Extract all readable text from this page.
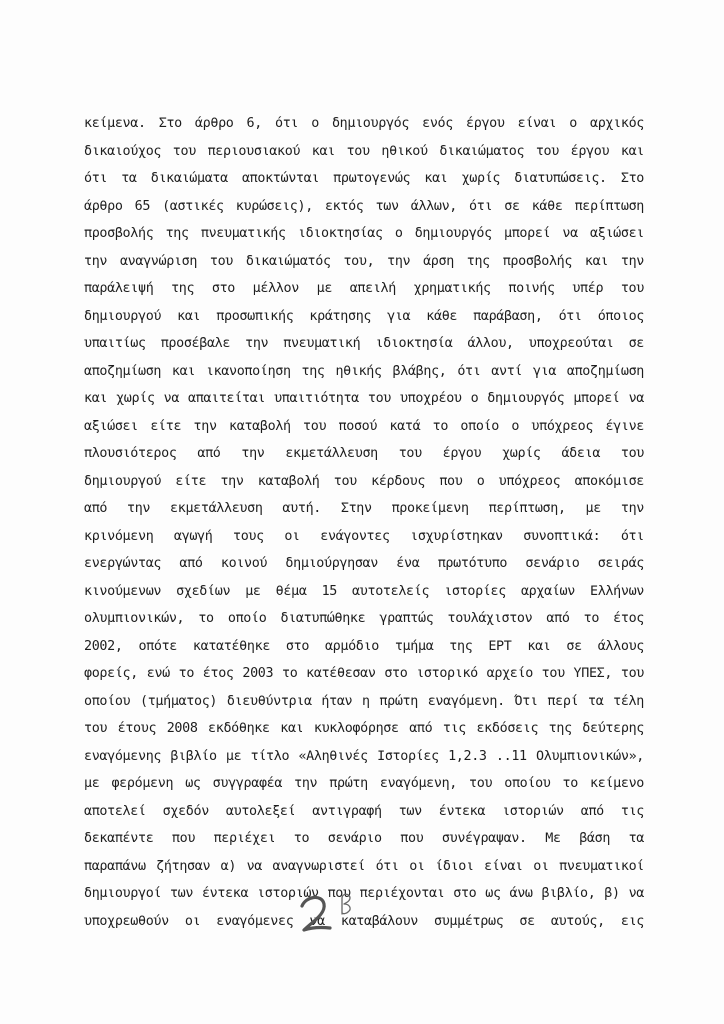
κείμενα. Στο άρθρο 6, ότι ο δημιουργός ενός έργου είναι ο αρχικός
δικαιούχος του περιουσιακού και του ηθικού δικαιώματος του έργου και
ότι τα δικαιώματα αποκτώνται πρωτογενώς και χωρίς διατυπώσεις. Στο
άρθρο 65 (αστικές κυρώσεις), εκτός των άλλων, ότι σε κάθε περίπτωση
προσβολής της πνευματικής ιδιοκτησίας ο δημιουργός μπορεί να αξιώσει
την αναγνώριση του δικαιώματός του, την άρση της προσβολής και την
παράλειψή της στο μέλλον με απειλή χρηματικής ποινής υπέρ του
δημιουργού και προσωπικής κράτησης για κάθε παράβαση, ότι όποιος
υπαιτίως προσέβαλε την πνευματική ιδιοκτησία άλλου, υποχρεούται σε
αποζημίωση και ικανοποίηση της ηθικής βλάβης, ότι αντί για αποζημίωση
και χωρίς να απαιτείται υπαιτιότητα του υποχρέου ο δημιουργός μπορεί να
αξιώσει είτε την καταβολή του ποσού κατά το οποίο ο υπόχρεος έγινε
πλουσιότερος από την εκμετάλλευση του έργου χωρίς άδεια του
δημιουργού είτε την καταβολή του κέρδους που ο υπόχρεος αποκόμισε
από την εκμετάλλευση αυτή. Στην προκείμενη περίπτωση, με την
κρινόμενη αγωγή τους οι ενάγοντες ισχυρίστηκαν συνοπτικά: ότι
ενεργώντας από κοινού δημιούργησαν ένα πρωτότυπο σενάριο σειράς
κινούμενων σχεδίων με θέμα 15 αυτοτελείς ιστορίες αρχαίων Ελλήνων
ολυμπιονικών, το οποίο διατυπώθηκε γραπτώς τουλάχιστον από το έτος
2002, οπότε κατατέθηκε στο αρμόδιο τμήμα της ΕΡΤ και σε άλλους
φορείς, ενώ το έτος 2003 το κατέθεσαν στο ιστορικό αρχείο του ΥΠΕΣ, του
οποίου (τμήματος) διευθύντρια ήταν η πρώτη εναγόμενη. Ότι περί τα τέλη
του έτους 2008 εκδόθηκε και κυκλοφόρησε από τις εκδόσεις της δεύτερης
εναγόμενης βιβλίο με τίτλο «Αληθινές Ιστορίες 1,2.3 ..11 Ολυμπιονικών»,
με φερόμενη ως συγγραφέα την πρώτη εναγόμενη, του οποίου το κείμενο
αποτελεί σχεδόν αυτολεξεί αντιγραφή των έντεκα ιστοριών από τις
δεκαπέντε που περιέχει το σενάριο που συνέγραψαν. Με βάση τα
παραπάνω ζήτησαν α) να αναγνωριστεί ότι οι ίδιοι είναι οι πνευματικοί
δημιουργοί των έντεκα ιστοριών που περιέχονται στο ως άνω βιβλίο, β) να
υποχρεωθούν οι εναγόμενες να καταβάλουν συμμέτρως σε αυτούς, εις
